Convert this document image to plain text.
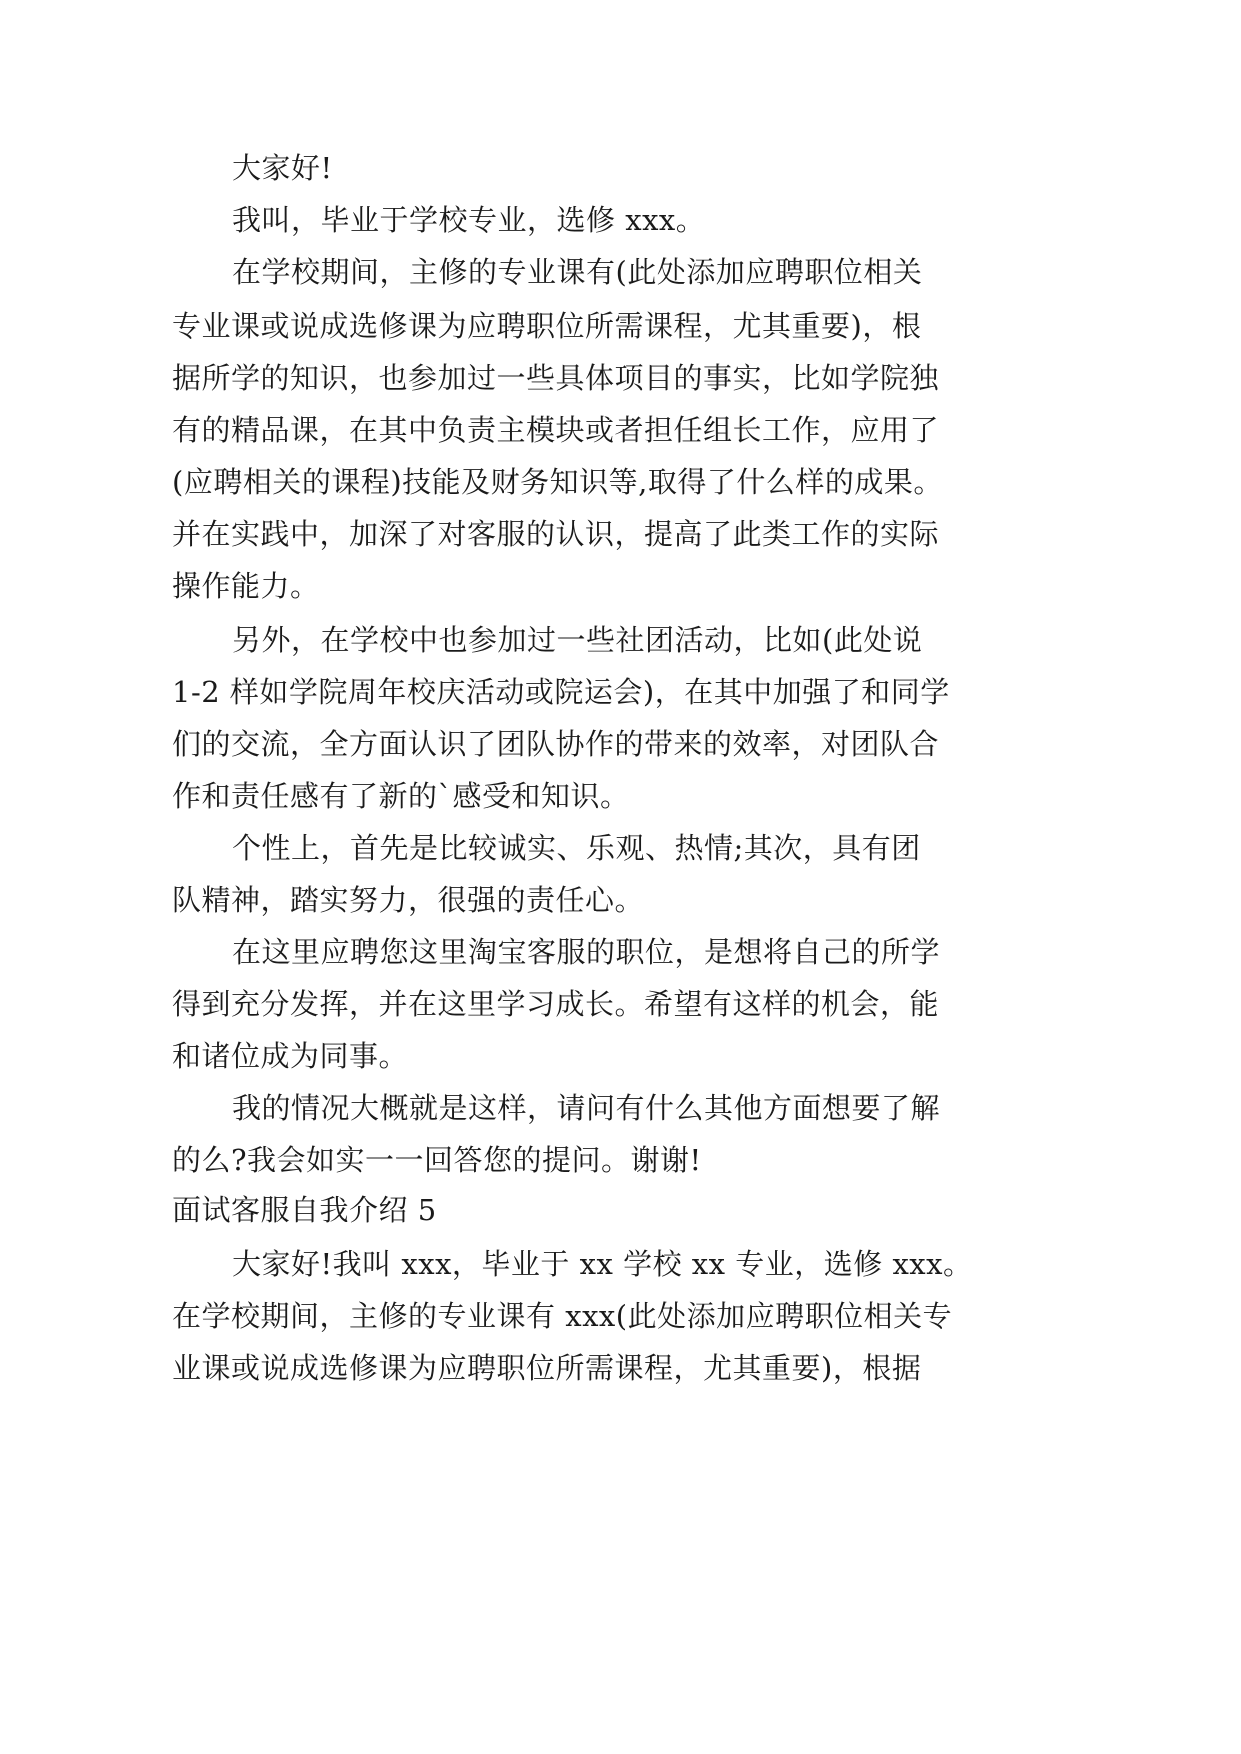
大家好!
我叫，毕业于学校专业，选修 xxx。
在学校期间，主修的专业课有(此处添加应聘职位相关
专业课或说成选修课为应聘职位所需课程，尤其重要)，根
据所学的知识，也参加过一些具体项目的事实，比如学院独
有的精品课，在其中负责主模块或者担任组长工作，应用了
(应聘相关的课程)技能及财务知识等,取得了什么样的成果。
并在实践中，加深了对客服的认识，提高了此类工作的实际
操作能力。
另外，在学校中也参加过一些社团活动，比如(此处说
1-2 样如学院周年校庆活动或院运会)，在其中加强了和同学
们的交流，全方面认识了团队协作的带来的效率，对团队合
作和责任感有了新的`感受和知识。
个性上，首先是比较诚实、乐观、热情;其次，具有团
队精神，踏实努力，很强的责任心。
在这里应聘您这里淘宝客服的职位，是想将自己的所学
得到充分发挥，并在这里学习成长。希望有这样的机会，能
和诸位成为同事。
我的情况大概就是这样，请问有什么其他方面想要了解
的么?我会如实一一回答您的提问。谢谢!
面试客服自我介绍 5
大家好!我叫 xxx，毕业于 xx 学校 xx 专业，选修 xxx。
在学校期间，主修的专业课有 xxx(此处添加应聘职位相关专
业课或说成选修课为应聘职位所需课程，尤其重要)，根据
